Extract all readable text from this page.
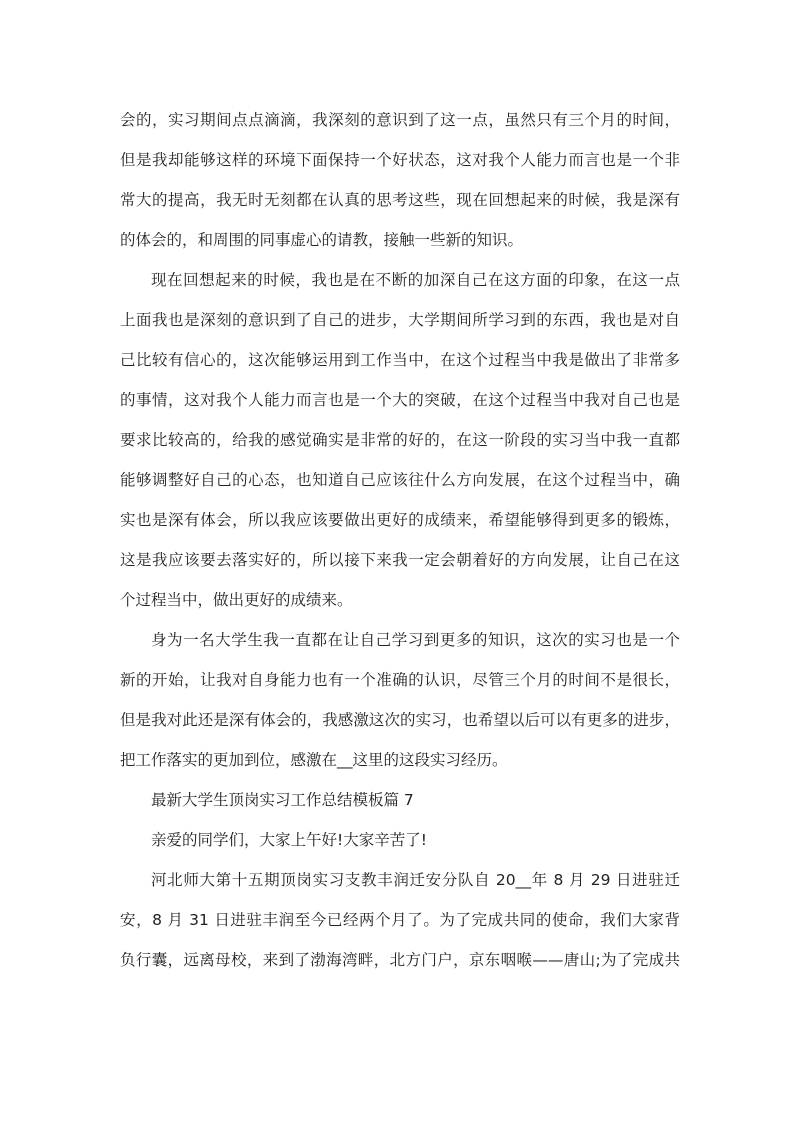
会的，实习期间点点滴滴，我深刻的意识到了这一点，虽然只有三个月的时间，
但是我却能够这样的环境下面保持一个好状态，这对我个人能力而言也是一个非
常大的提高，我无时无刻都在认真的思考这些，现在回想起来的时候，我是深有
的体会的，和周围的同事虚心的请教，接触一些新的知识。
现在回想起来的时候，我也是在不断的加深自己在这方面的印象，在这一点
上面我也是深刻的意识到了自己的进步，大学期间所学习到的东西，我也是对自
己比较有信心的，这次能够运用到工作当中，在这个过程当中我是做出了非常多
的事情，这对我个人能力而言也是一个大的突破，在这个过程当中我对自己也是
要求比较高的，给我的感觉确实是非常的好的，在这一阶段的实习当中我一直都
能够调整好自己的心态，也知道自己应该往什么方向发展，在这个过程当中，确
实也是深有体会，所以我应该要做出更好的成绩来，希望能够得到更多的锻炼，
这是我应该要去落实好的，所以接下来我一定会朝着好的方向发展，让自己在这
个过程当中，做出更好的成绩来。
身为一名大学生我一直都在让自己学习到更多的知识，这次的实习也是一个
新的开始，让我对自身能力也有一个准确的认识，尽管三个月的时间不是很长，
但是我对此还是深有体会的，我感激这次的实习，也希望以后可以有更多的进步，
把工作落实的更加到位，感激在__这里的这段实习经历。
最新大学生顶岗实习工作总结模板篇 7
亲爱的同学们，大家上午好!大家辛苦了!
河北师大第十五期顶岗实习支教丰润迁安分队自 20__年 8 月 29 日进驻迁
安，8 月 31 日进驻丰润至今已经两个月了。为了完成共同的使命，我们大家背
负行囊，远离母校，来到了渤海湾畔，北方门户，京东咽喉——唐山;为了完成共
